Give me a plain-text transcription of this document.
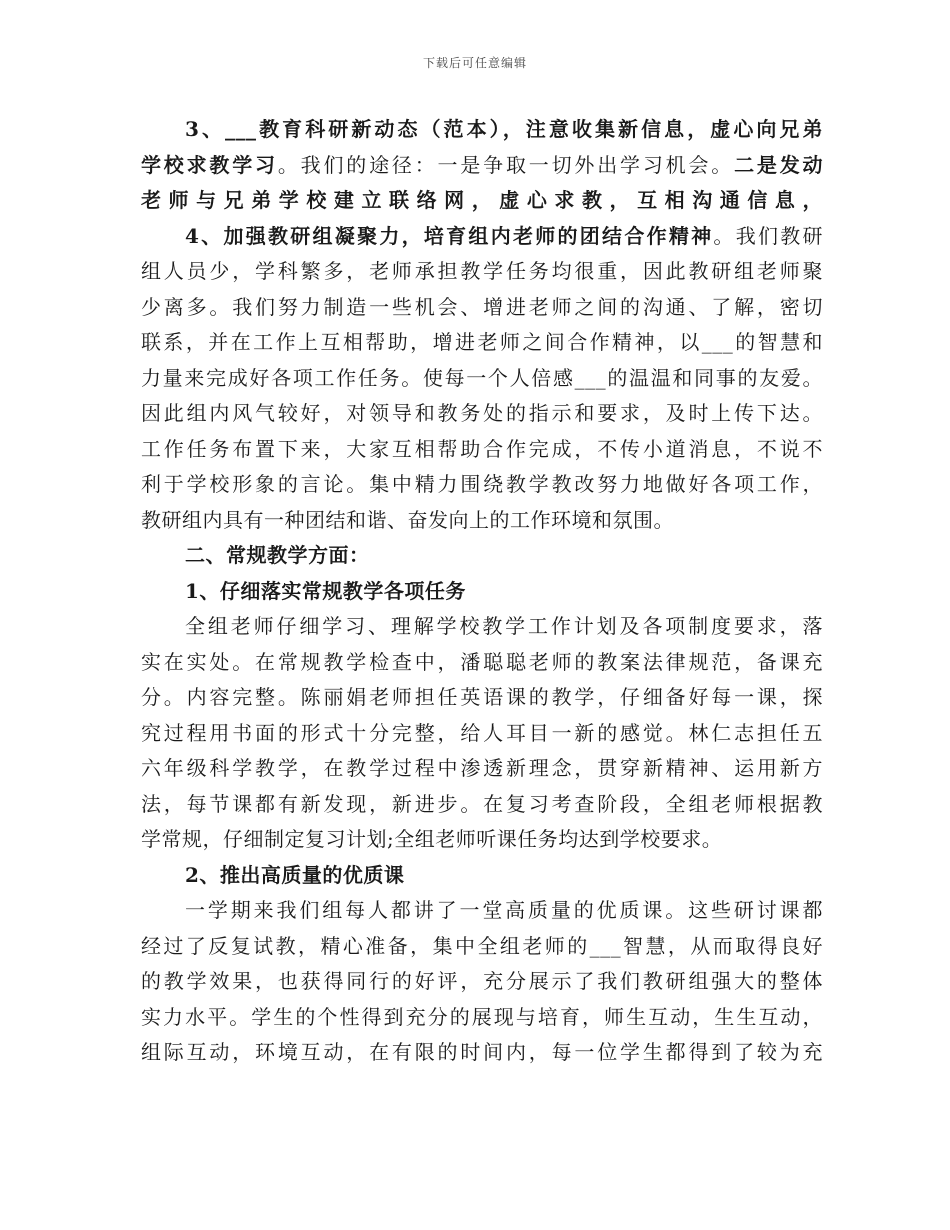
下载后可任意编辑
3、___教育科研新动态（范本），注意收集新信息，虚心向兄弟
学校求教学习。我们的途径：一是争取一切外出学习机会。二是发动
老师与兄弟学校建立联络网，虚心求教，互相沟通信息，
4、加强教研组凝聚力，培育组内老师的团结合作精神。我们教研
组人员少，学科繁多，老师承担教学任务均很重，因此教研组老师聚
少离多。我们努力制造一些机会、增进老师之间的沟通、了解，密切
联系，并在工作上互相帮助，增进老师之间合作精神，以___的智慧和
力量来完成好各项工作任务。使每一个人倍感___的温温和同事的友爱。
因此组内风气较好，对领导和教务处的指示和要求，及时上传下达。
工作任务布置下来，大家互相帮助合作完成，不传小道消息，不说不
利于学校形象的言论。集中精力围绕教学教改努力地做好各项工作，
教研组内具有一种团结和谐、奋发向上的工作环境和氛围。
二、常规教学方面：
1、仔细落实常规教学各项任务
全组老师仔细学习、理解学校教学工作计划及各项制度要求，落
实在实处。在常规教学检查中，潘聪聪老师的教案法律规范，备课充
分。内容完整。陈丽娟老师担任英语课的教学，仔细备好每一课，探
究过程用书面的形式十分完整，给人耳目一新的感觉。林仁志担任五
六年级科学教学，在教学过程中渗透新理念，贯穿新精神、运用新方
法，每节课都有新发现，新进步。在复习考查阶段，全组老师根据教
学常规，仔细制定复习计划;全组老师听课任务均达到学校要求。
2、推出高质量的优质课
一学期来我们组每人都讲了一堂高质量的优质课。这些研讨课都
经过了反复试教，精心准备，集中全组老师的___智慧，从而取得良好
的教学效果，也获得同行的好评，充分展示了我们教研组强大的整体
实力水平。学生的个性得到充分的展现与培育，师生互动，生生互动，
组际互动，环境互动，在有限的时间内，每一位学生都得到了较为充
